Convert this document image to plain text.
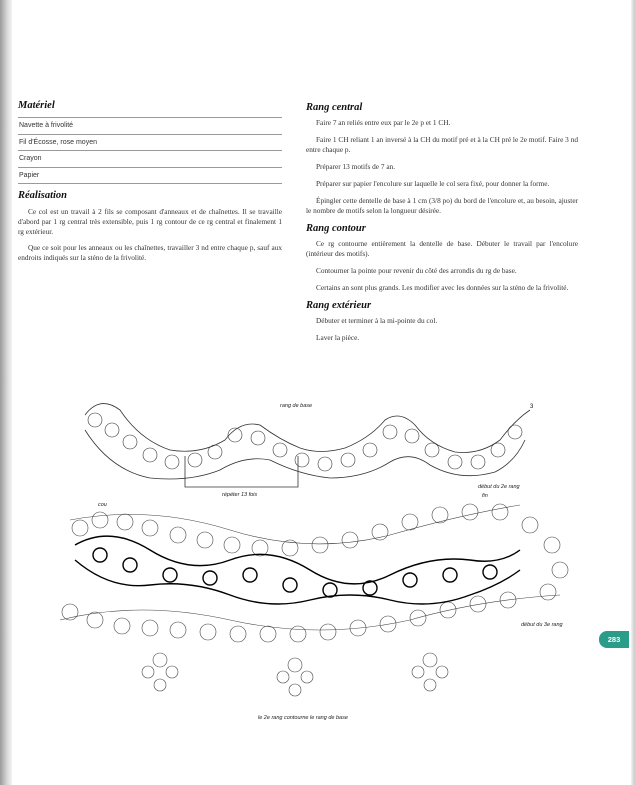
Matériel
Navette à frivolité
Fil d'Écosse, rose moyen
Crayon
Papier
Réalisation

Ce col est un travail à 2 fils se composant d'anneaux et de chaînettes. Il se travaille d'abord par 1 rg central très extensible, puis 1 rg contour de ce rg central et finalement 1 rg extérieur.

Que ce soit pour les anneaux ou les chaînettes, travailler 3 nd entre chaque p, sauf aux endroits indiqués sur la sténo de la frivolité.

Rang central

Faire 7 an reliés entre eux par le 2e p et 1 CH.

Faire 1 CH reliant 1 an inversé à la CH du motif pré et à la CH pré le 2e motif. Faire 3 nd entre chaque p.

Préparer 13 motifs de 7 an.

Préparer sur papier l'encolure sur laquelle le col sera fixé, pour donner la forme.

Épingler cette dentelle de base à 1 cm (3/8 po) du bord de l'encolure et, au besoin, ajuster le nombre de motifs selon la longueur désirée.

Rang contour

Ce rg contourne entièrement la dentelle de base. Débuter le travail par l'encolure (intérieur des motifs).

Contourner la pointe pour revenir du côté des arrondis du rg de base.

Certains an sont plus grands. Les modifier avec les données sur la sténo de la frivolité.

Rang extérieur

Débuter et terminer à la mi-pointe du col.

Laver la pièce.

rang de base	3
répéter 13 fois
cou
début du 2e rang
fin
début du 3e rang
le 2e rang contourne le rang de base
283
